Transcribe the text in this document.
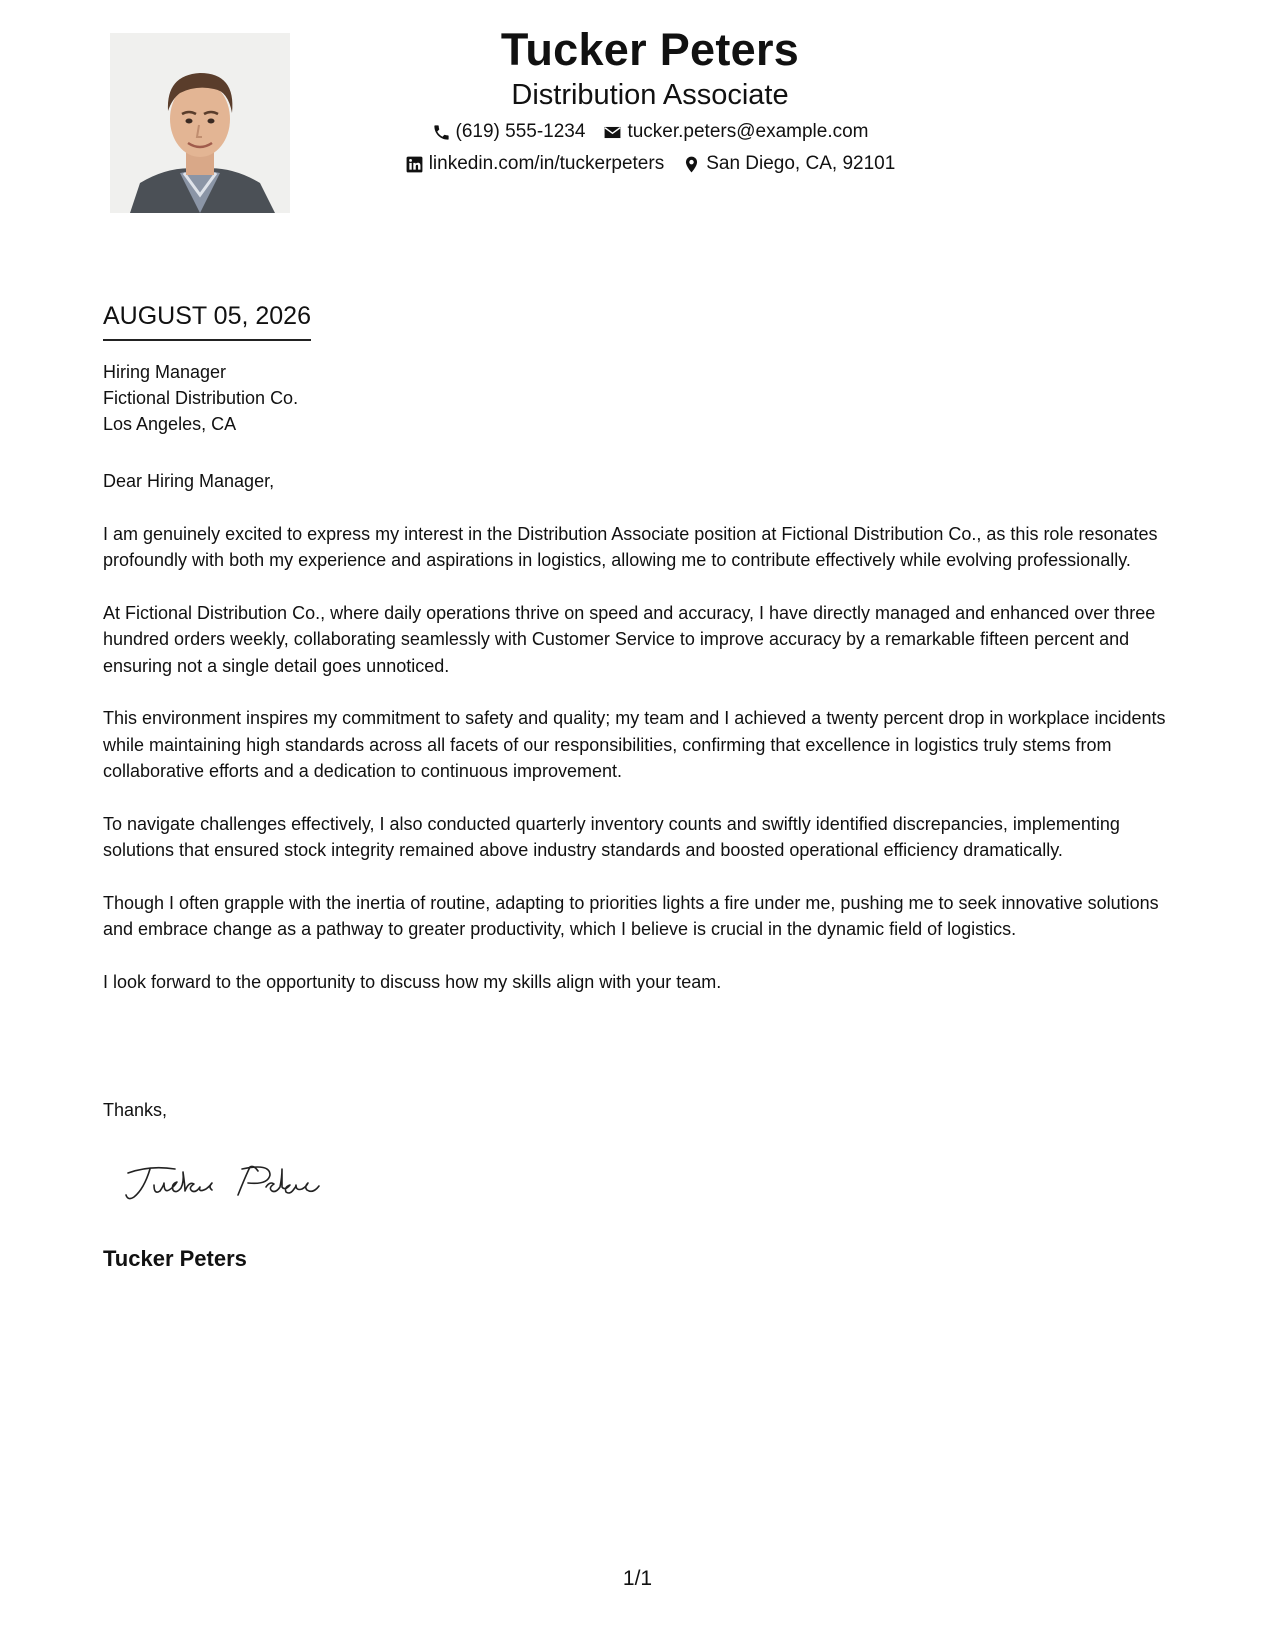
Tucker Peters
Distribution Associate
(619) 555-1234 tucker.peters@example.com
linkedin.com/in/tuckerpeters San Diego, CA, 92101
AUGUST 05, 2026
Hiring Manager
Fictional Distribution Co.
Los Angeles, CA

Dear Hiring Manager,

I am genuinely excited to express my interest in the Distribution Associate position at Fictional Distribution Co., as this role resonates profoundly with both my experience and aspirations in logistics, allowing me to contribute effectively while evolving professionally.

At Fictional Distribution Co., where daily operations thrive on speed and accuracy, I have directly managed and enhanced over three hundred orders weekly, collaborating seamlessly with Customer Service to improve accuracy by a remarkable fifteen percent and ensuring not a single detail goes unnoticed.

This environment inspires my commitment to safety and quality; my team and I achieved a twenty percent drop in workplace incidents while maintaining high standards across all facets of our responsibilities, confirming that excellence in logistics truly stems from collaborative efforts and a dedication to continuous improvement.

To navigate challenges effectively, I also conducted quarterly inventory counts and swiftly identified discrepancies, implementing solutions that ensured stock integrity remained above industry standards and boosted operational efficiency dramatically.

Though I often grapple with the inertia of routine, adapting to priorities lights a fire under me, pushing me to seek innovative solutions and embrace change as a pathway to greater productivity, which I believe is crucial in the dynamic field of logistics.

I look forward to the opportunity to discuss how my skills align with your team.

Thanks,
Tucker Peters
1/1
